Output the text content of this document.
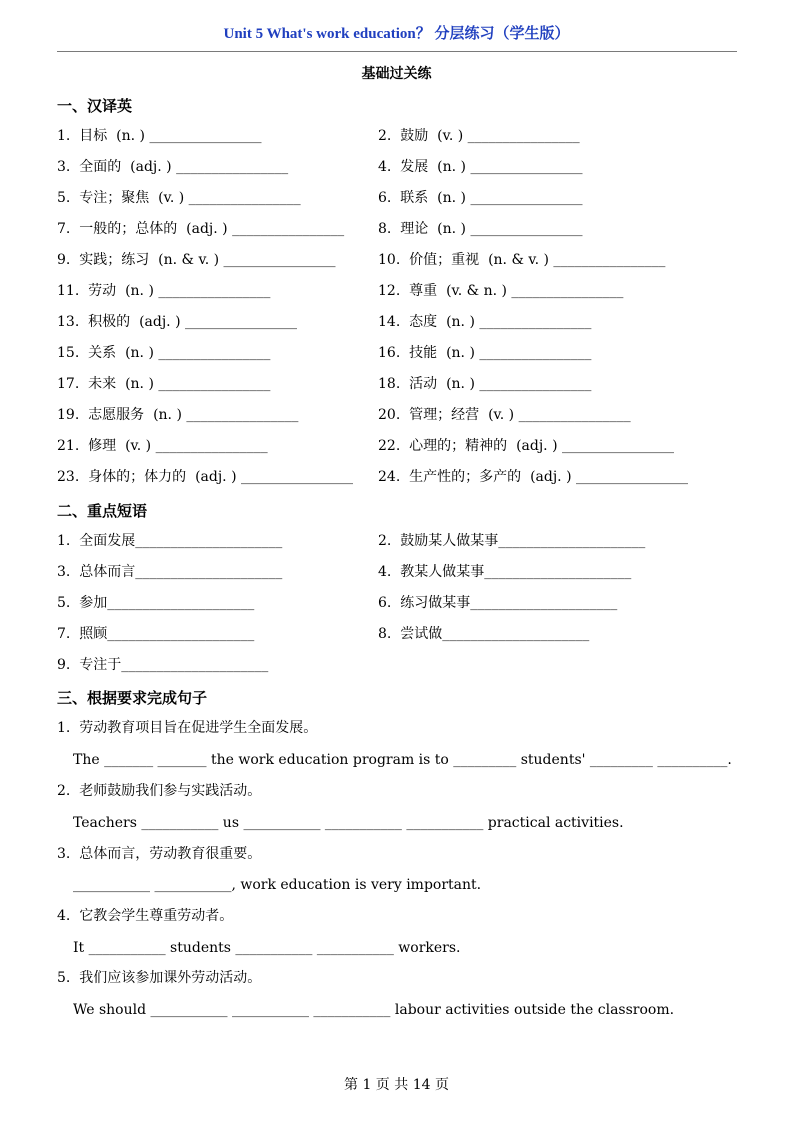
Unit 5 What's work education？ 分层练习（学生版）
基础过关练
一、汉译英
1.  目标  (n. ) ________________	2.  鼓励  (v. ) ________________
3.  全面的  (adj. ) ________________	4.  发展  (n. ) ________________
5.  专注；聚焦  (v. ) ________________	6.  联系  (n. ) ________________
7.  一般的；总体的  (adj. ) ________________ 8.  理论  (n. ) ________________
9.  实践；练习  (n. & v. ) ________________	10.  价值；重视  (n. & v. ) ________________
11.  劳动  (n. ) ________________	12.  尊重  (v. & n. ) ________________
13.  积极的  (adj. ) ________________	14.  态度  (n. ) ________________
15.  关系  (n. ) ________________	16.  技能  (n. ) ________________
17.  未来  (n. ) ________________	18.  活动  (n. ) ________________
19.  志愿服务  (n. ) ________________	20.  管理；经营  (v. ) ________________
21.  修理  (v. ) ________________	22.  心理的；精神的  (adj. ) ________________
23.  身体的；体力的  (adj. ) ________________ 24.  生产性的；多产的  (adj. ) ________________
二、重点短语
1.  全面发展_____________________	2.  鼓励某人做某事_____________________
3.  总体而言_____________________	4.  教某人做某事_____________________
5.  参加_____________________	6.  练习做某事_____________________
7.  照顾_____________________	8.  尝试做_____________________
9.  专注于_____________________
三、根据要求完成句子
1.  劳动教育项目旨在促进学生全面发展。
The _______ _______ the work education program is to _________ students' _________ __________.
2.  老师鼓励我们参与实践活动。
Teachers ___________ us ___________ ___________ ___________ practical activities.
3.  总体而言，劳动教育很重要。
___________ ___________, work education is very important.
4.  它教会学生尊重劳动者。
It ___________ students ___________ ___________ workers.
5.  我们应该参加课外劳动活动。
We should ___________ ___________ ___________ labour activities outside the classroom.
第 1 页 共 14 页
